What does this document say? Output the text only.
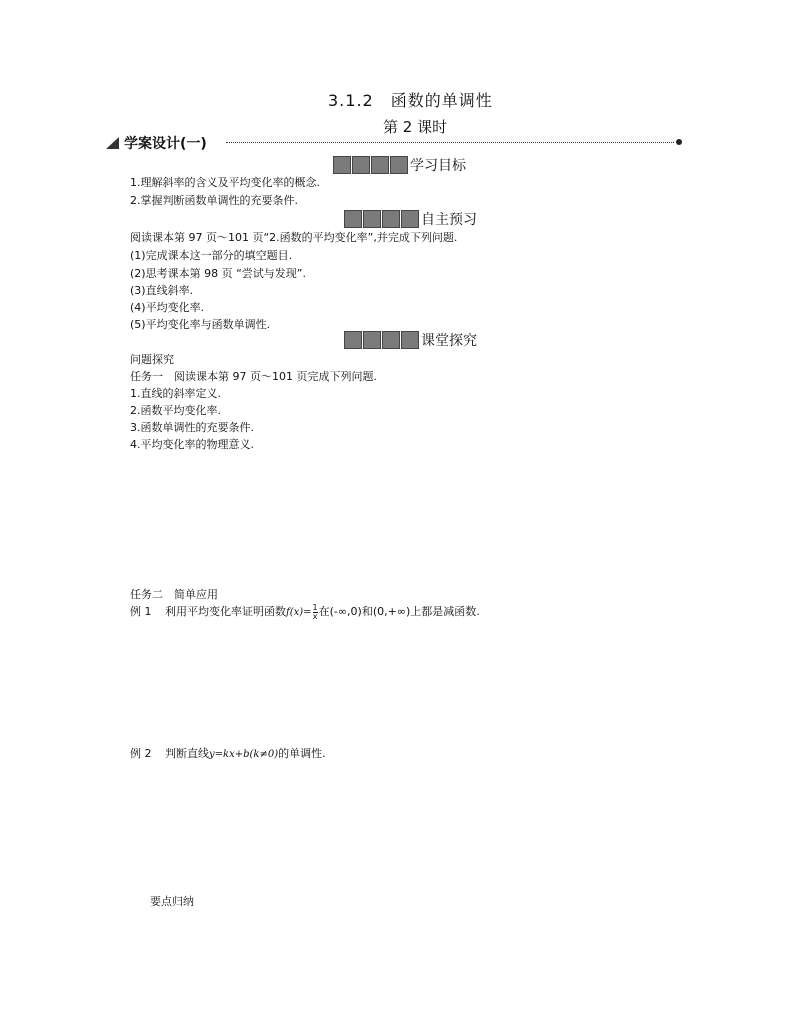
3.1.2　函数的单调性
第 2 课时
学案设计(一)
学习目标
1.理解斜率的含义及平均变化率的概念.
2.掌握判断函数单调性的充要条件.
自主预习
阅读课本第 97 页～101 页“2.函数的平均变化率”,并完成下列问题.
(1)完成课本这一部分的填空题目.
(2)思考课本第 98 页 “尝试与发现”.
(3)直线斜率.
(4)平均变化率.
(5)平均变化率与函数单调性.
课堂探究
问题探究
任务一　阅读课本第 97 页～101 页完成下列问题.
1.直线的斜率定义.
2.函数平均变化率.
3.函数单调性的充要条件.
4.平均变化率的物理意义.
任务二　简单应用
例 1 利用平均变化率证明函数$f(x)= \frac{1}{x}$ 在(-∞,0)和(0,+∞)上都是减函数.
例 2 判断直线y=kx+b(k≠0)的单调性.
要点归纳
